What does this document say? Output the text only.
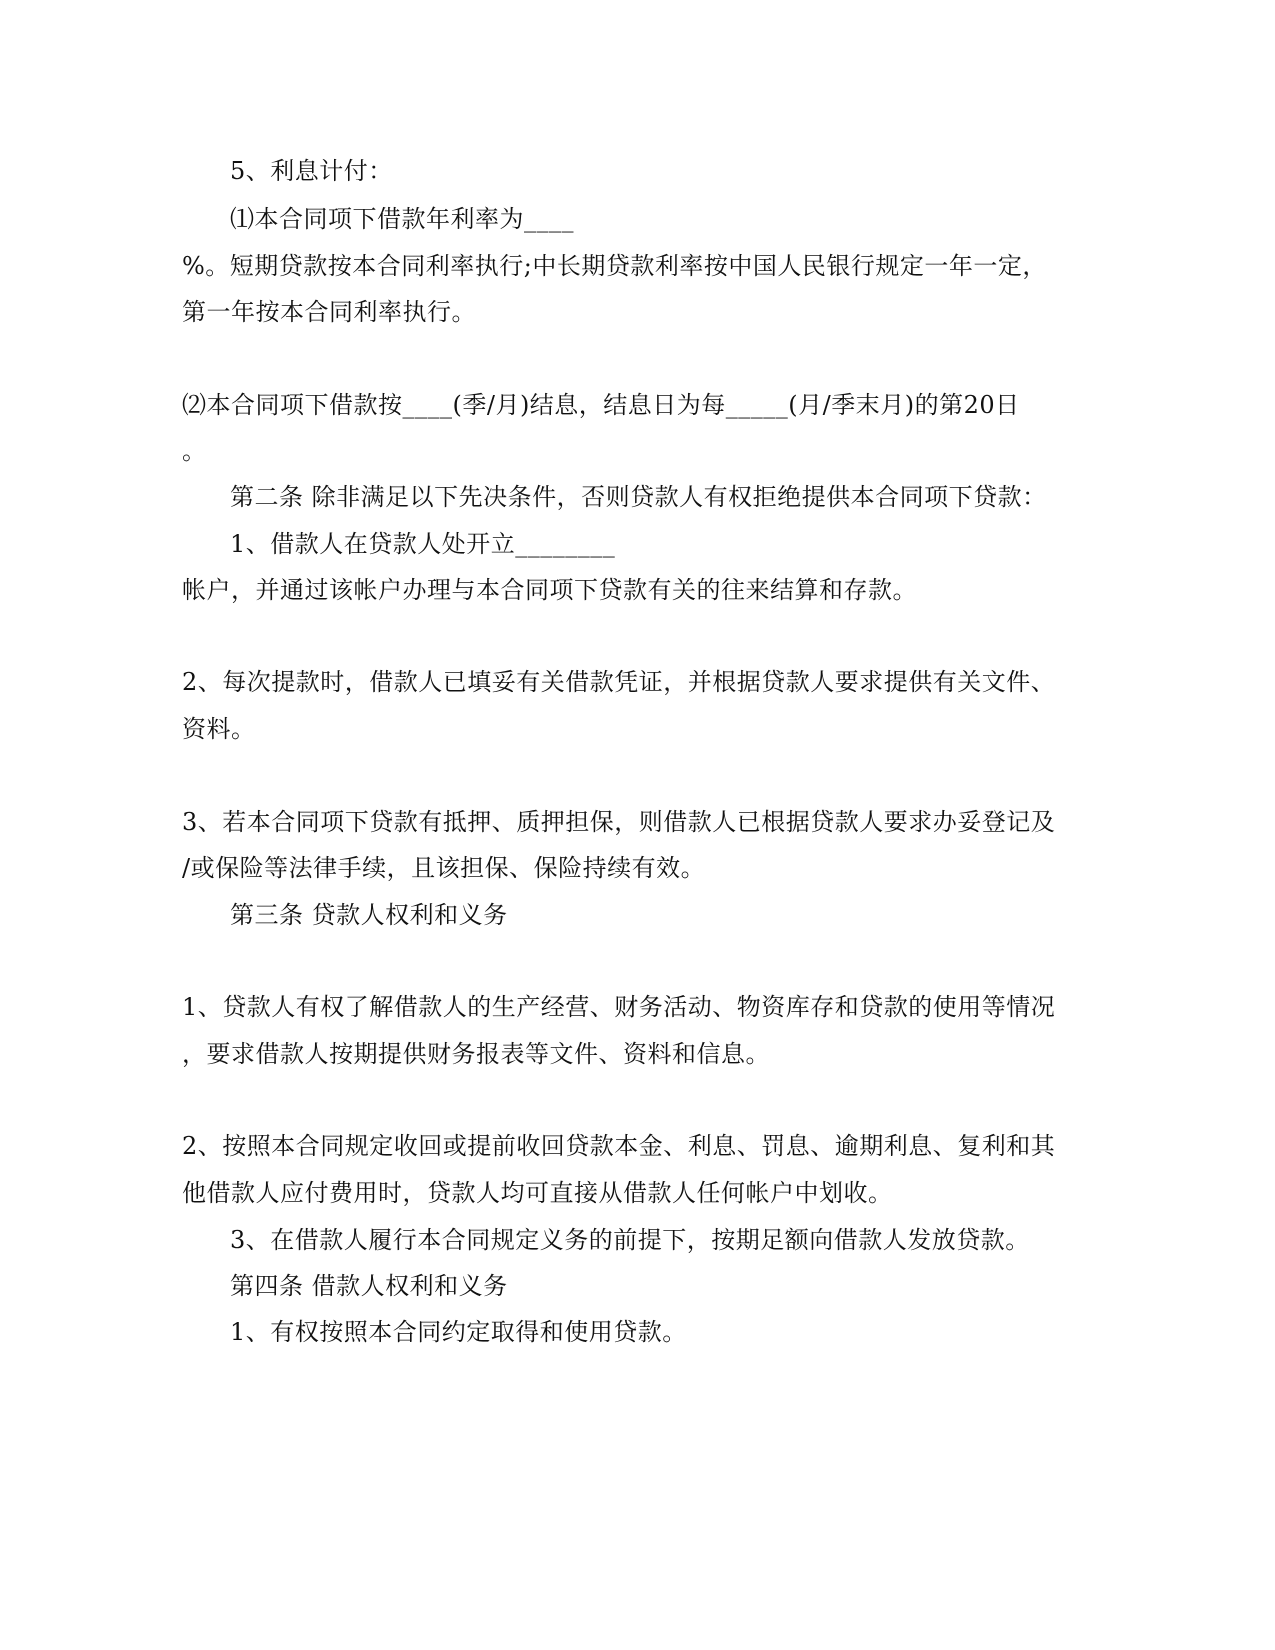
5、利息计付：
⑴本合同项下借款年利率为____
%。短期贷款按本合同利率执行;中长期贷款利率按中国人民银行规定一年一定，
第一年按本合同利率执行。
⑵本合同项下借款按____(季/月)结息，结息日为每_____(月/季末月)的第20日
。
第二条 除非满足以下先决条件，否则贷款人有权拒绝提供本合同项下贷款：
1、借款人在贷款人处开立________
帐户，并通过该帐户办理与本合同项下贷款有关的往来结算和存款。
2、每次提款时，借款人已填妥有关借款凭证，并根据贷款人要求提供有关文件、
资料。
3、若本合同项下贷款有抵押、质押担保，则借款人已根据贷款人要求办妥登记及
/或保险等法律手续，且该担保、保险持续有效。
第三条 贷款人权利和义务
1、贷款人有权了解借款人的生产经营、财务活动、物资库存和贷款的使用等情况
，要求借款人按期提供财务报表等文件、资料和信息。
2、按照本合同规定收回或提前收回贷款本金、利息、罚息、逾期利息、复利和其
他借款人应付费用时，贷款人均可直接从借款人任何帐户中划收。
3、在借款人履行本合同规定义务的前提下，按期足额向借款人发放贷款。
第四条 借款人权利和义务
1、有权按照本合同约定取得和使用贷款。
